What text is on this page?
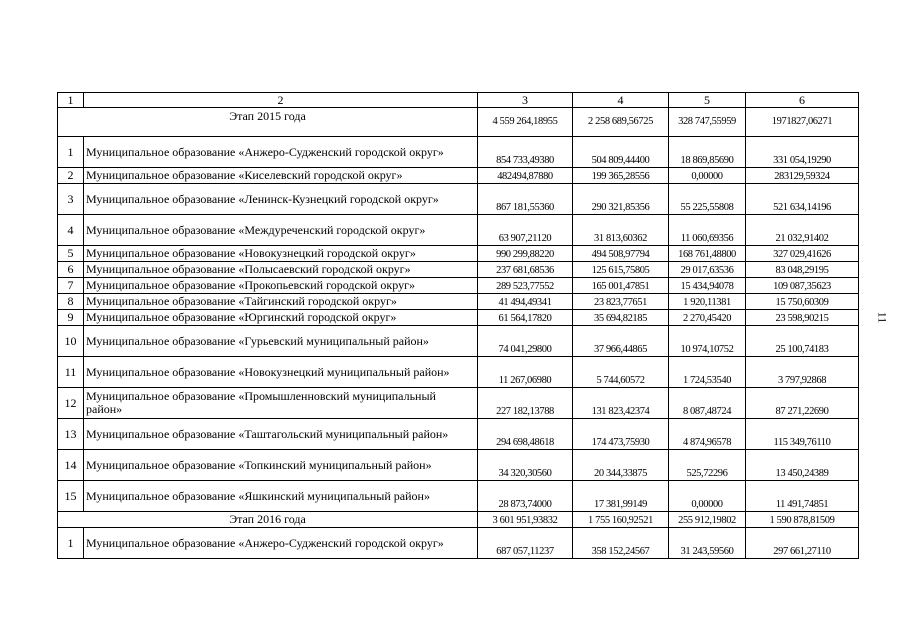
1	2	3	4	5	6
Этап 2015 года		4 559 264,18955	2 258 689,56725	328 747,55959	1971827,06271
1	Муниципальное образование «Анжеро-Судженский городской округ»	854 733,49380	504 809,44400	18 869,85690	331 054,19290
2	Муниципальное образование «Киселевский городской округ»	482494,87880	199 365,28556	0,00000	283129,59324
3	Муниципальное образование «Ленинск-Кузнецкий городской округ»	867 181,55360	290 321,85356	55 225,55808	521 634,14196
4	Муниципальное образование «Междуреченский городской округ»	63 907,21120	31 813,60362	11 060,69356	21 032,91402
5	Муниципальное образование «Новокузнецкий городской округ»	990 299,88220	494 508,97794	168 761,48800	327 029,41626
6	Муниципальное образование «Полысаевский городской округ»	237 681,68536	125 615,75805	29 017,63536	83 048,29195
7	Муниципальное образование «Прокопьевский городской округ»	289 523,77552	165 001,47851	15 434,94078	109 087,35623
8	Муниципальное образование «Тайгинский городской округ»	41 494,49341	23 823,77651	1 920,11381	15 750,60309
9	Муниципальное образование «Юргинский городской округ»	61 564,17820	35 694,82185	2 270,45420	23 598,90215
10	Муниципальное образование «Гурьевский муниципальный район»	74 041,29800	37 966,44865	10 974,10752	25 100,74183
11	Муниципальное образование «Новокузнецкий муниципальный район»	11 267,06980	5 744,60572	1 724,53540	3 797,92868
12	Муниципальное образование «Промышленновский муниципальный район»	227 182,13788	131 823,42374	8 087,48724	87 271,22690
13	Муниципальное образование «Таштагольский муниципальный район»	294 698,48618	174 473,75930	4 874,96578	115 349,76110
14	Муниципальное образование «Топкинский муниципальный район»	34 320,30560	20 344,33875	525,72296	13 450,24389
15	Муниципальное образование «Яшкинский муниципальный район»	28 873,74000	17 381,99149	0,00000	11 491,74851
Этап 2016 года		3 601 951,93832	1 755 160,92521	255 912,19802	1 590 878,81509
1	Муниципальное образование «Анжеро-Судженский городской округ»	687 057,11237	358 152,24567	31 243,59560	297 661,27110
11
